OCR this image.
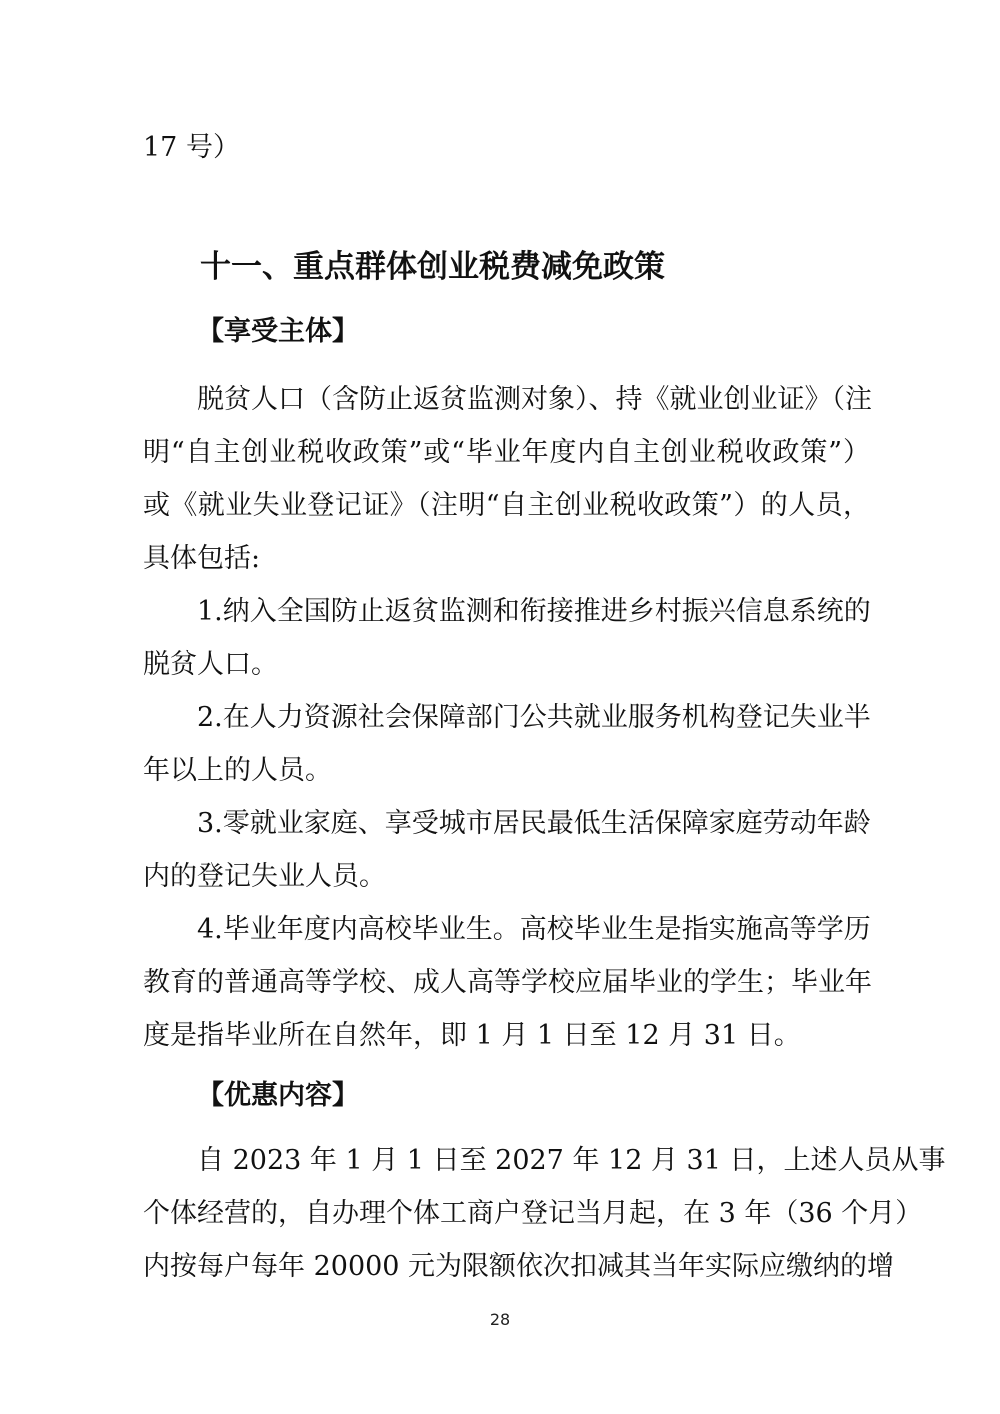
17 号）
十一、重点群体创业税费减免政策
【享受主体】
脱贫人口（含防止返贫监测对象）、持《就业创业证》（注
明“自主创业税收政策”或“毕业年度内自主创业税收政策”）
或《就业失业登记证》（注明“自主创业税收政策”）的人员，
具体包括:
1.纳入全国防止返贫监测和衔接推进乡村振兴信息系统的
脱贫人口。
2.在人力资源社会保障部门公共就业服务机构登记失业半
年以上的人员。
3.零就业家庭、享受城市居民最低生活保障家庭劳动年龄
内的登记失业人员。
4.毕业年度内高校毕业生。高校毕业生是指实施高等学历
教育的普通高等学校、成人高等学校应届毕业的学生；毕业年
度是指毕业所在自然年，即 1 月 1 日至 12 月 31 日。
【优惠内容】
自 2023 年 1 月 1 日至 2027 年 12 月 31 日，上述人员从事
个体经营的，自办理个体工商户登记当月起，在 3 年（36 个月）
内按每户每年 20000 元为限额依次扣减其当年实际应缴纳的增
28
